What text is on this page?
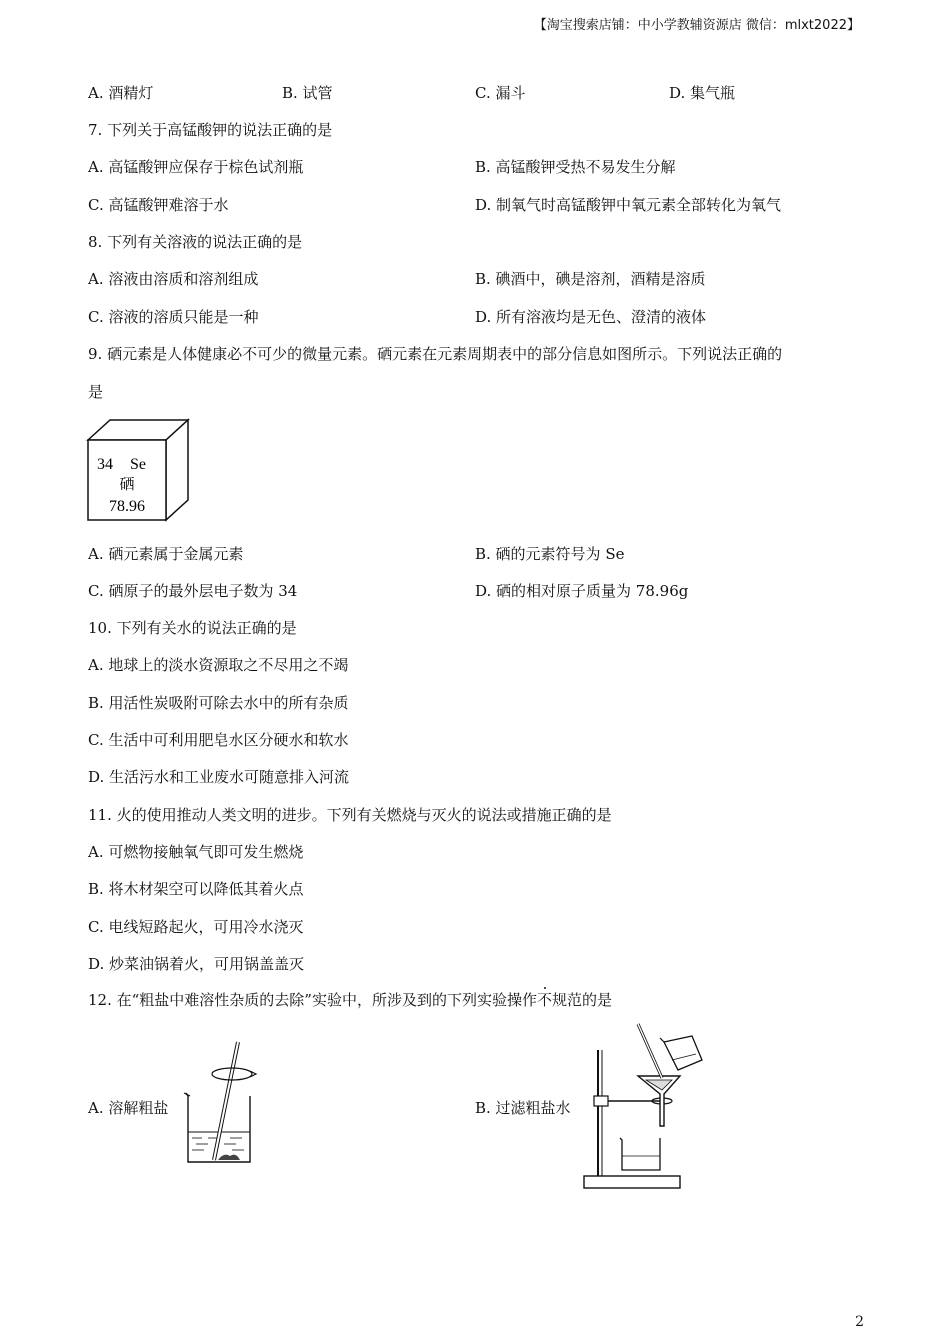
【淘宝搜索店铺：中小学教辅资源店 微信：mlxt2022】
A. 酒精灯	B. 试管	C. 漏斗	D. 集气瓶
7. 下列关于高锰酸钾的说法正确的是
A. 高锰酸钾应保存于棕色试剂瓶	B. 高锰酸钾受热不易发生分解
C. 高锰酸钾难溶于水	D. 制氧气时高锰酸钾中氧元素全部转化为氧气
8. 下列有关溶液的说法正确的是
A. 溶液由溶质和溶剂组成	B. 碘酒中，碘是溶剂，酒精是溶质
C. 溶液的溶质只能是一种	D. 所有溶液均是无色、澄清的液体
9. 硒元素是人体健康必不可少的微量元素。硒元素在元素周期表中的部分信息如图所示。下列说法正确的
是
34 Se
硒
78.96
A. 硒元素属于金属元素	B. 硒的元素符号为 Se
C. 硒原子的最外层电子数为 34	D. 硒的相对原子质量为 78.96g
10. 下列有关水的说法正确的是
A. 地球上的淡水资源取之不尽用之不竭
B. 用活性炭吸附可除去水中的所有杂质
C. 生活中可利用肥皂水区分硬水和软水
D. 生活污水和工业废水可随意排入河流
11. 火的使用推动人类文明的进步。下列有关燃烧与灭火的说法或措施正确的是
A. 可燃物接触氧气即可发生燃烧
B. 将木材架空可以降低其着火点
C. 电线短路起火，可用冷水浇灭
D. 炒菜油锅着火，可用锅盖盖灭
12. 在“粗盐中难溶性杂质的去除”实验中，所涉及到的下列实验操作不规范的是
A. 溶解粗盐	B. 过滤粗盐水
2
